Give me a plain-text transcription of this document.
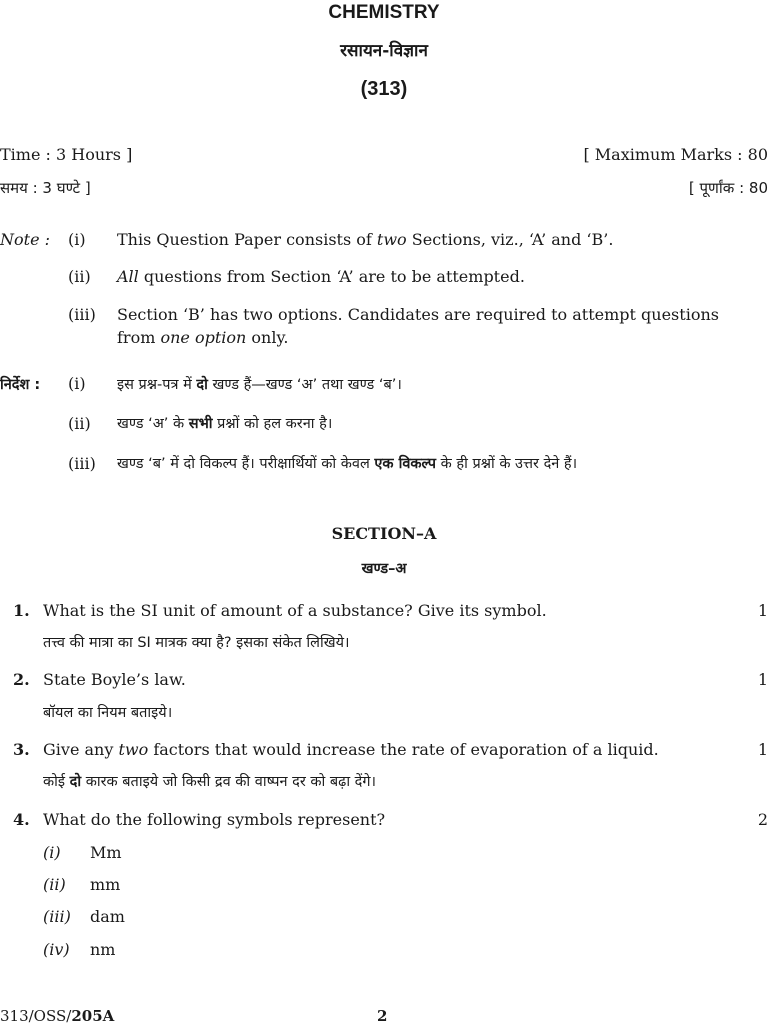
CHEMISTRY
रसायन-विज्ञान
(313)
Time : 3 Hours ]	[ Maximum Marks : 80
समय : 3 घण्टे ]	[ पूर्णांक : 80
Note : (i) This Question Paper consists of two Sections, viz., ‘A’ and ‘B’.
(ii) All questions from Section ‘A’ are to be attempted.
(iii) Section ‘B’ has two options. Candidates are required to attempt questions
from one option only.
निर्देश : (i) इस प्रश्न-पत्र में दो खण्ड हैं—खण्ड ‘अ’ तथा खण्ड ‘ब’।
(ii) खण्ड ‘अ’ के सभी प्रश्नों को हल करना है।
(iii) खण्ड ‘ब’ में दो विकल्प हैं। परीक्षार्थियों को केवल एक विकल्प के ही प्रश्नों के उत्तर देने हैं।
SECTION–A
खण्ड–अ
1. What is the SI unit of amount of a substance? Give its symbol.	1
तत्त्व की मात्रा का SI मात्रक क्या है? इसका संकेत लिखिये।
2. State Boyle’s law.	1
बॉयल का नियम बताइये।
3. Give any two factors that would increase the rate of evaporation of a liquid.	1
कोई दो कारक बताइये जो किसी द्रव की वाष्पन दर को बढ़ा देंगे।
4. What do the following symbols represent?	2
(i) Mm
(ii) mm
(iii) dam
(iv) nm
313/OSS/205A	2
